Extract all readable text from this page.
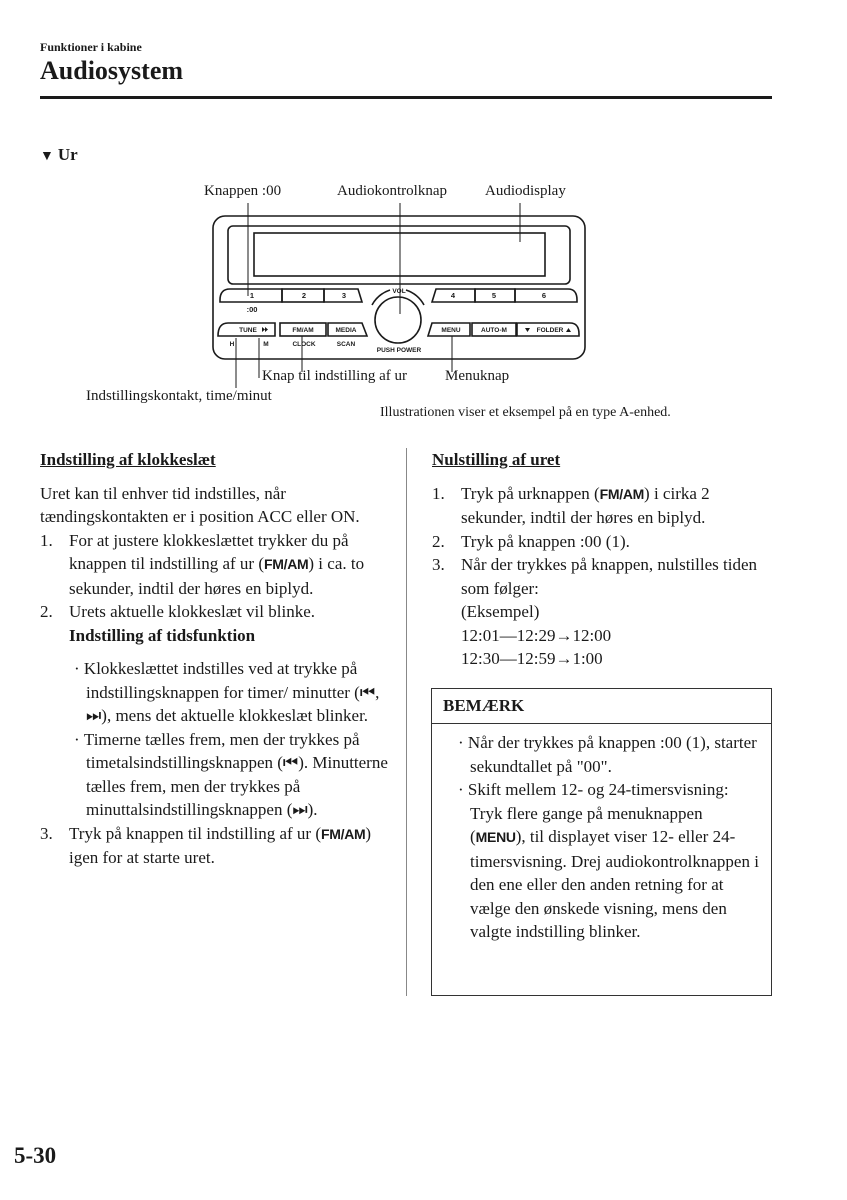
Funktioner i kabine
Audiosystem
▼ Ur
1
:00
2	3	4	5	6
VOL
TUNE	FM/AM	MEDIA	MENU	AUTO-M	FOLDER
H	M	CLOCK	SCAN
PUSH POWER
Knappen :00	Audiokontrolknap	Audiodisplay
Knap til indstilling af ur	Menuknap
Indstillingskontakt, time/minut
Illustrationen viser et eksempel på en type A-enhed.

Indstilling af klokkeslæt

Uret kan til enhver tid indstilles, når tændingskontakten er i position ACC eller ON.

1. For at justere klokkeslættet trykker du på knappen til indstilling af ur (FM/AM) i ca. to sekunder, indtil der høres en biplyd.

2. Urets aktuelle klokkeslæt vil blinke.

Indstilling af tidsfunktion

· Klokkeslættet indstilles ved at trykke på indstillingsknappen for timer/ minutter (⏮, ⏭), mens det aktuelle klokkeslæt blinker.

· Timerne tælles frem, men der trykkes på timetalsindstillingsknappen (⏮). Minutterne tælles frem, men der trykkes på minuttalsindstillingsknappen (⏭).

3. Tryk på knappen til indstilling af ur (FM/AM) igen for at starte uret.

Nulstilling af uret

1. Tryk på urknappen (FM/AM) i cirka 2 sekunder, indtil der høres en biplyd.

2. Tryk på knappen :00 (1).

3. Når der trykkes på knappen, nulstilles tiden som følger:

(Eksempel)

12:01—12:29→12:00

12:30—12:59→1:00

BEMÆRK

· Når der trykkes på knappen :00 (1), starter sekundtallet på "00".

· Skift mellem 12- og 24-timersvisning:

Tryk flere gange på menuknappen (MENU), til displayet viser 12- eller 24-timersvisning. Drej audiokontrolknappen i den ene eller den anden retning for at vælge den ønskede visning, mens den valgte indstilling blinker.

5-30
